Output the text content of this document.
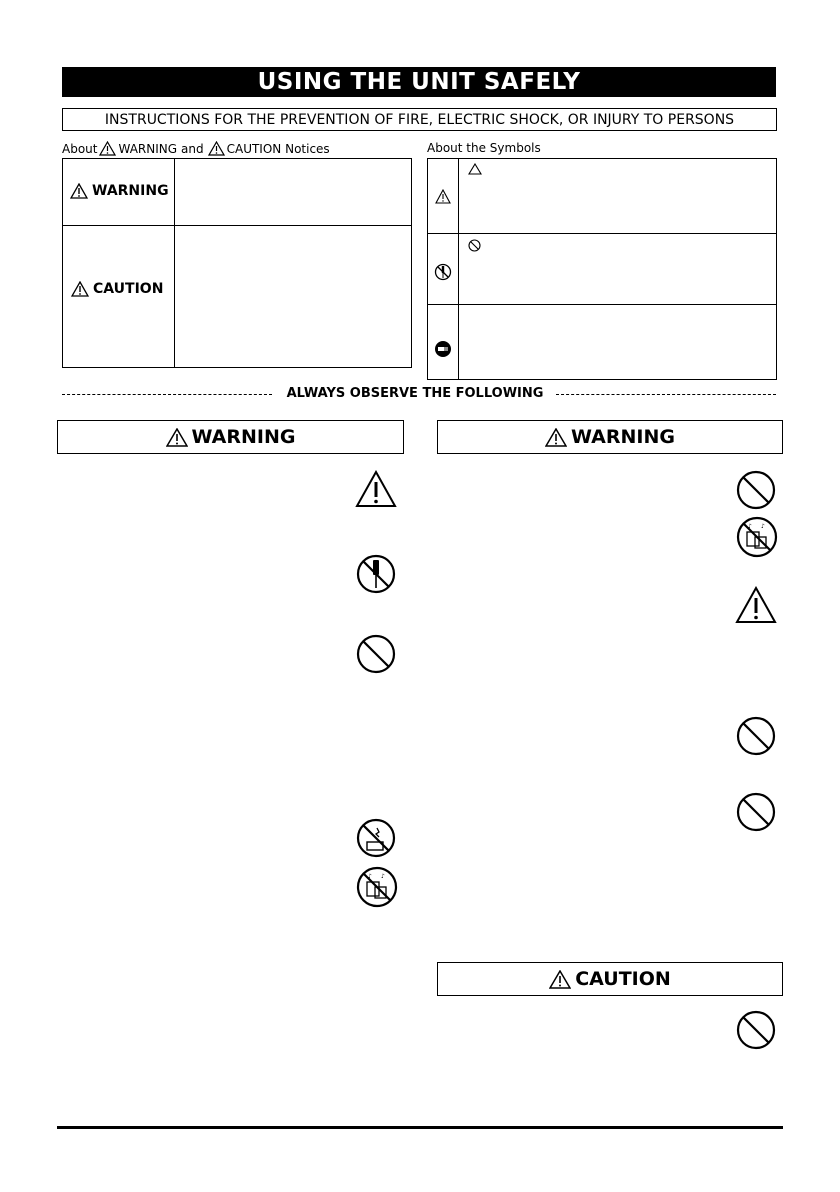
USING THE UNIT SAFELY
INSTRUCTIONS FOR THE PREVENTION OF FIRE, ELECTRIC SHOCK, OR INJURY TO PERSONS
About WARNING and CAUTION Notices
WARNING
CAUTION
About the Symbols
ALWAYS OBSERVE THE FOLLOWING
WARNING	WARNING
CAUTION
♪ ♪
♪ ♪
